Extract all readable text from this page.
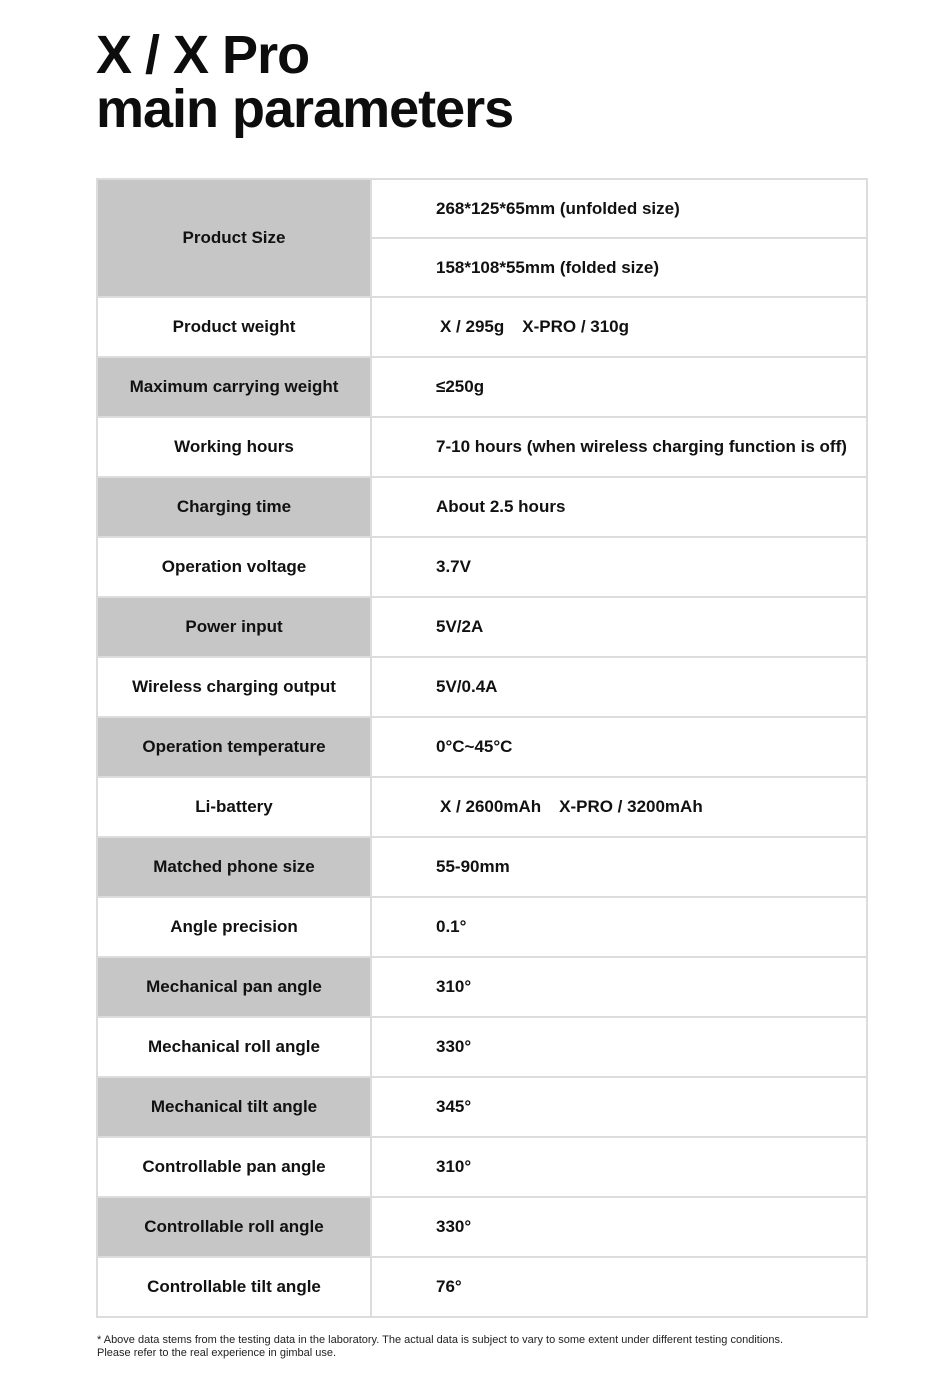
X / X Pro
main parameters
Product Size	268*125*65mm (unfolded size)
	158*108*55mm (folded size)
Product weight	X / 295g X-PRO / 310g
Maximum carrying weight	≤250g
Working hours	7-10 hours (when wireless charging function is off)
Charging time	About 2.5 hours
Operation voltage	3.7V
Power input	5V/2A
Wireless charging output	5V/0.4A
Operation temperature	0°C~45°C
Li-battery	X / 2600mAh X-PRO / 3200mAh
Matched phone size	55-90mm
Angle precision	0.1°
Mechanical pan angle	310°
Mechanical roll angle	330°
Mechanical tilt angle	345°
Controllable pan angle	310°
Controllable roll angle	330°
Controllable tilt angle	76°

* Above data stems from the testing data in the laboratory. The actual data is subject to vary to some extent under different testing conditions.
Please refer to the real experience in gimbal use.
